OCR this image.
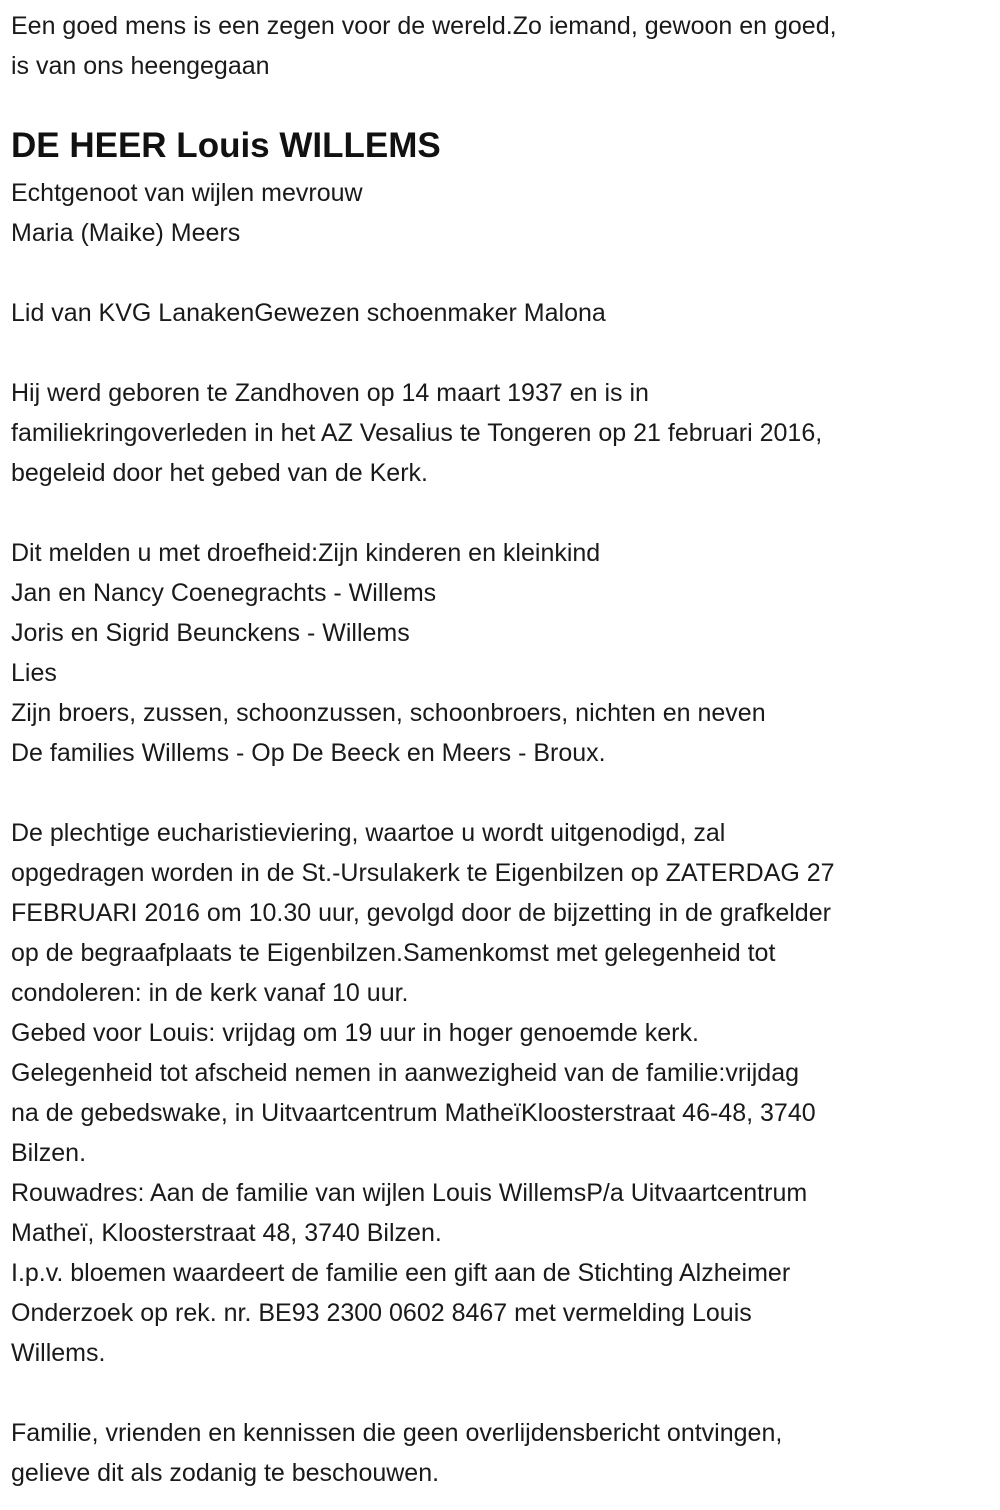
Een goed mens is een zegen voor de wereld.Zo iemand, gewoon en goed,
is van ons heengegaan
DE HEER Louis WILLEMS
Echtgenoot van wijlen mevrouw
Maria (Maike) Meers
Lid van KVG LanakenGewezen schoenmaker Malona
Hij werd geboren te Zandhoven op 14 maart 1937 en is in
familiekringoverleden in het AZ Vesalius te Tongeren op 21 februari 2016,
begeleid door het gebed van de Kerk.
Dit melden u met droefheid:Zijn kinderen en kleinkind
Jan en Nancy Coenegrachts - Willems
Joris en Sigrid Beunckens - Willems
Lies
Zijn broers, zussen, schoonzussen, schoonbroers, nichten en neven
De families Willems - Op De Beeck en Meers - Broux.
De plechtige eucharistieviering, waartoe u wordt uitgenodigd, zal
opgedragen worden in de St.-Ursulakerk te Eigenbilzen op ZATERDAG 27
FEBRUARI 2016 om 10.30 uur, gevolgd door de bijzetting in de grafkelder
op de begraafplaats te Eigenbilzen.Samenkomst met gelegenheid tot
condoleren: in de kerk vanaf 10 uur.
Gebed voor Louis: vrijdag om 19 uur in hoger genoemde kerk.
Gelegenheid tot afscheid nemen in aanwezigheid van de familie:vrijdag
na de gebedswake, in Uitvaartcentrum MatheïKloosterstraat 46-48, 3740
Bilzen.
Rouwadres: Aan de familie van wijlen Louis WillemsP/a Uitvaartcentrum
Matheï, Kloosterstraat 48, 3740 Bilzen.
I.p.v. bloemen waardeert de familie een gift aan de Stichting Alzheimer
Onderzoek op rek. nr. BE93 2300 0602 8467 met vermelding Louis
Willems.
Familie, vrienden en kennissen die geen overlijdensbericht ontvingen,
gelieve dit als zodanig te beschouwen.
